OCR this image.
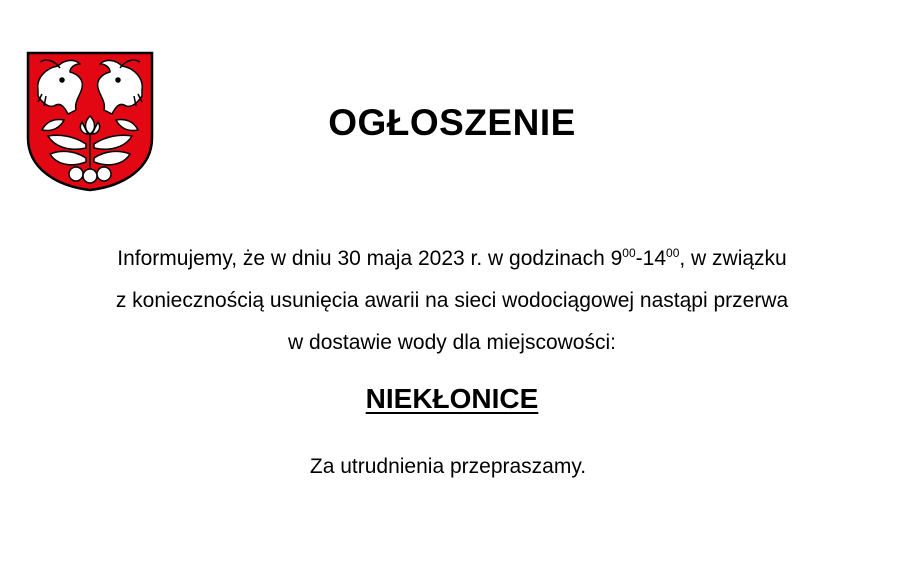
OGŁOSZENIE
Informujemy, że w dniu 30 maja 2023 r. w godzinach $9^{00}-14^{00}$, w związku
z koniecznością usunięcia awarii na sieci wodociągowej nastąpi przerwa
w dostawie wody dla miejscowości:
NIEKŁONICE
Za utrudnienia przepraszamy.
